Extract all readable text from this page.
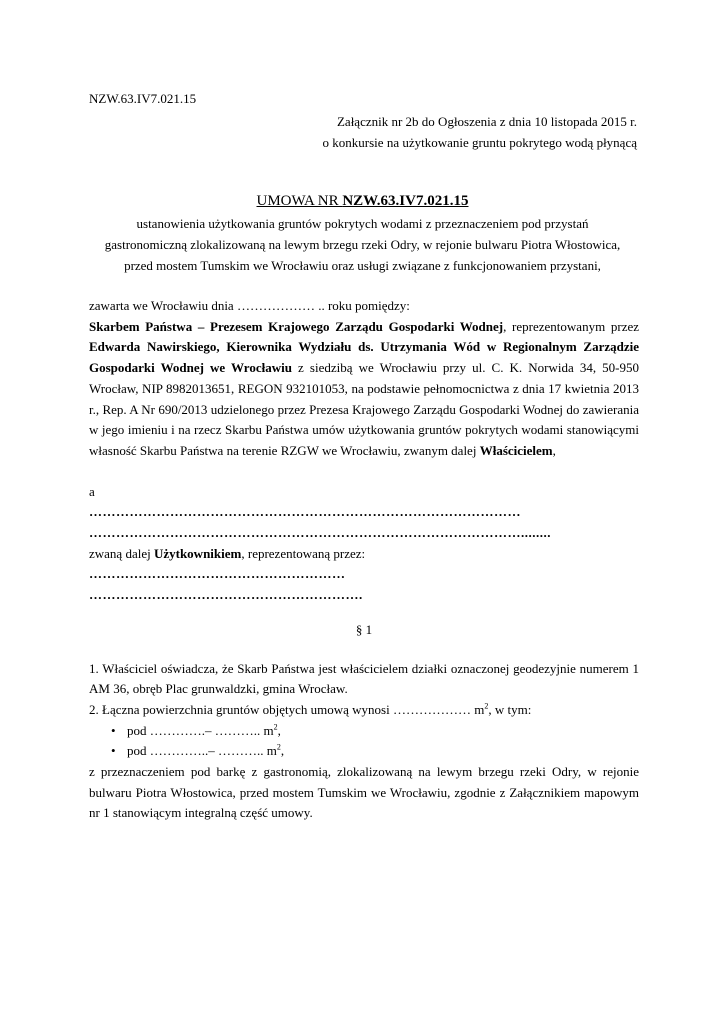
NZW.63.IV7.021.15
Załącznik nr 2b do Ogłoszenia z dnia 10 listopada 2015 r.
o konkursie na użytkowanie gruntu pokrytego wodą płynącą
UMOWA NR NZW.63.IV7.021.15
ustanowienia użytkowania gruntów pokrytych wodami z przeznaczeniem pod przystań
gastronomiczną zlokalizowaną na lewym brzegu rzeki Odry, w rejonie bulwaru Piotra Włostowica,
przed mostem Tumskim we Wrocławiu oraz usługi związane z funkcjonowaniem przystani,
zawarta we Wrocławiu dnia ……………… .. roku pomiędzy:
Skarbem Państwa – Prezesem Krajowego Zarządu Gospodarki Wodnej, reprezentowanym przez Edwarda Nawirskiego, Kierownika Wydziału ds. Utrzymania Wód w Regionalnym Zarządzie Gospodarki Wodnej we Wrocławiu z siedzibą we Wrocławiu przy ul. C. K. Norwida 34, 50-950 Wrocław, NIP 8982013651, REGON 932101053, na podstawie pełnomocnictwa z dnia 17 kwietnia 2013 r., Rep. A Nr 690/2013 udzielonego przez Prezesa Krajowego Zarządu Gospodarki Wodnej do zawierania w jego imieniu i na rzecz Skarbu Państwa umów użytkowania gruntów pokrytych wodami stanowiącymi własność Skarbu Państwa na terenie RZGW we Wrocławiu, zwanym dalej Właścicielem,
a
……………………………………………………………………………………
……………………………………………………………………………………........
zwaną dalej Użytkownikiem, reprezentowaną przez:
…………………………………………………
…………………………………………………….
§ 1
1. Właściciel oświadcza, że Skarb Państwa jest właścicielem działki oznaczonej geodezyjnie numerem 1 AM 36, obręb Plac grunwaldzki, gmina Wrocław.
2. Łączna powierzchnia gruntów objętych umową wynosi ……………… $m^2$, w tym:
• pod ………….– ……….. $m^2$,
• pod …………..– ……….. $m^2$,
z przeznaczeniem pod barkę z gastronomią, zlokalizowaną na lewym brzegu rzeki Odry, w rejonie bulwaru Piotra Włostowica, przed mostem Tumskim we Wrocławiu, zgodnie z Załącznikiem mapowym nr 1 stanowiącym integralną część umowy.
